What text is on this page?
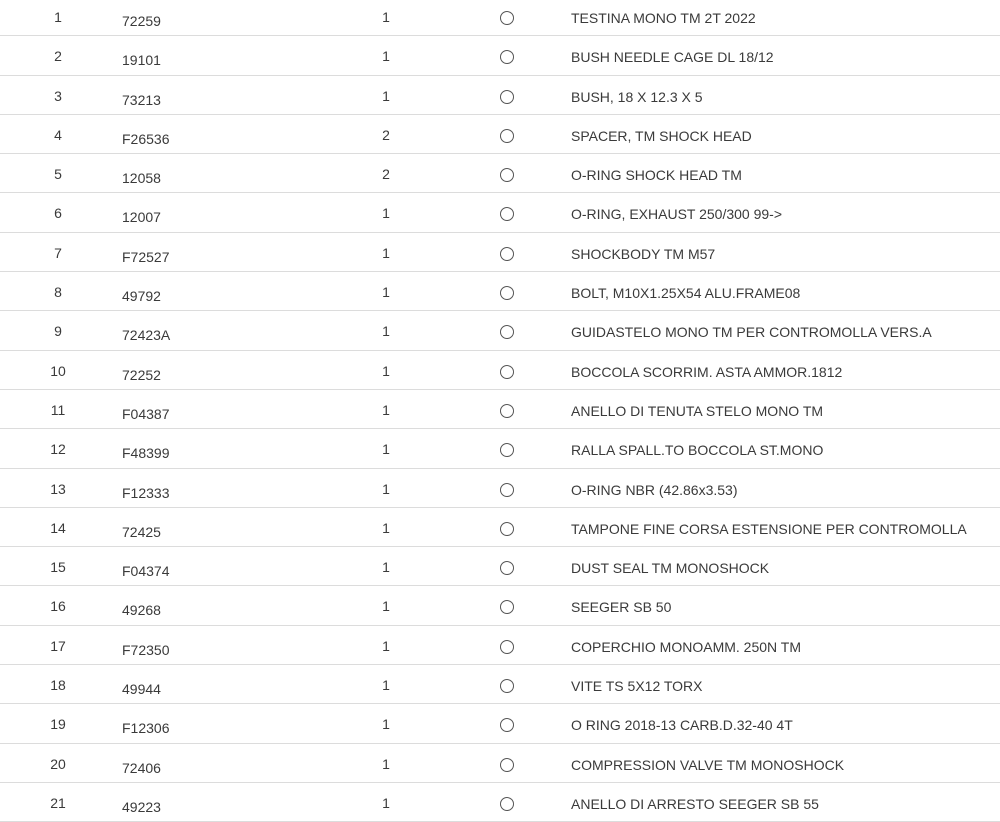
1	72259	1	TESTINA MONO TM 2T 2022
2	19101	1	BUSH NEEDLE CAGE DL 18/12
3	73213	1	BUSH, 18 X 12.3 X 5
4	F26536	2	SPACER, TM SHOCK HEAD
5	12058	2	O-RING SHOCK HEAD TM
6	12007	1	O-RING, EXHAUST 250/300 99->
7	F72527	1	SHOCKBODY TM M57
8	49792	1	BOLT, M10X1.25X54 ALU.FRAME08
9	72423A	1	GUIDASTELO MONO TM PER CONTROMOLLA VERS.A
10	72252	1	BOCCOLA SCORRIM. ASTA AMMOR.1812
11	F04387	1	ANELLO DI TENUTA STELO MONO TM
12	F48399	1	RALLA SPALL.TO BOCCOLA ST.MONO
13	F12333	1	O-RING NBR (42.86x3.53)
14	72425	1	TAMPONE FINE CORSA ESTENSIONE PER CONTROMOLLA
15	F04374	1	DUST SEAL TM MONOSHOCK
16	49268	1	SEEGER SB 50
17	F72350	1	COPERCHIO MONOAMM. 250N TM
18	49944	1	VITE TS 5X12 TORX
19	F12306	1	O RING 2018-13 CARB.D.32-40 4T
20	72406	1	COMPRESSION VALVE TM MONOSHOCK
21	49223	1	ANELLO DI ARRESTO SEEGER SB 55
